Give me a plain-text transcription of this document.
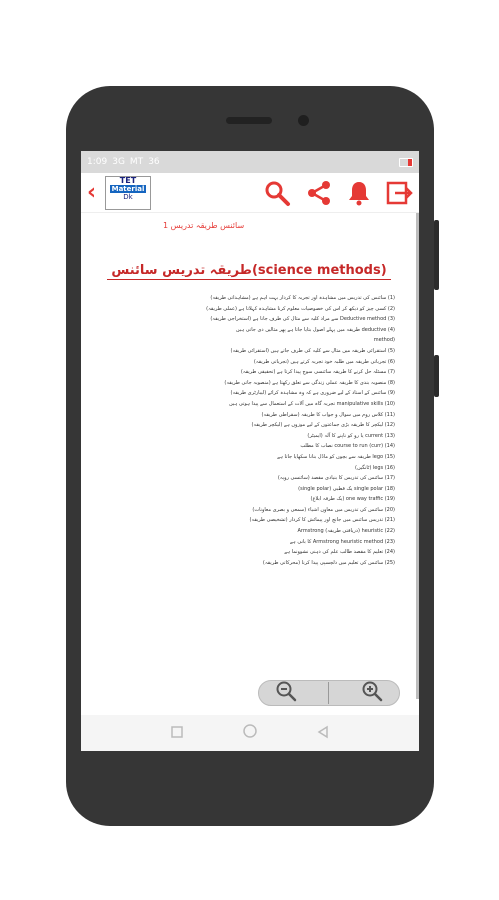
1:09 3G MT 36
‹	TET
Material
Dk
سائنس طریقہ تدریس 1
طریقہ تدریس سائنس(science methods)
(1) سائنس کی تدریس میں مشاہدہ اور تجربہ کا کردار بہت اہم ہے (مشاہداتی طریقہ)
(2) کسی چیز کو دیکھ کر اس کی خصوصیات معلوم کرنا مشاہدہ کہلاتا ہے (عملی طریقہ)
(3) Deductive method سے مراد کلیہ سے مثال کی طرف جانا ہے (استخراجی طریقہ)
(4) deductive طریقہ میں پہلے اصول بتایا جاتا ہے پھر مثالیں دی جاتی ہیں
(method
(5) استقرائی طریقہ میں مثال سے کلیہ کی طرف جاتے ہیں (استقرائی طریقہ)
(6) تجرباتی طریقہ میں طلبہ خود تجربہ کرتے ہیں (تجرباتی طریقہ)
(7) مسئلہ حل کرنے کا طریقہ سائنسی سوچ پیدا کرتا ہے (تحقیقی طریقہ)
(8) منصوبہ بندی کا طریقہ عملی زندگی سے تعلق رکھتا ہے (منصوبہ جاتی طریقہ)
(9) سائنس کے استاد کے لیے ضروری ہے کہ وہ مشاہدہ کرائے (لیبارٹری طریقہ)
(10) manipulative skills تجربہ گاہ میں آلات کے استعمال سے پیدا ہوتی ہیں
(11) کلاس روم میں سوال و جواب کا طریقہ (سقراطی طریقہ)
(12) لیکچر کا طریقہ بڑی جماعتوں کے لیے موزوں ہے (لیکچر طریقہ)
(13) current یا رو کو ناپنے کا آلہ (ایمیٹر)
(14) course to run (curr) نصاب کا مطلب
(15) lego طریقہ سے بچوں کو ماڈل بنانا سکھایا جاتا ہے
(16) legs (ٹانگیں)
(17) سائنس کی تدریس کا بنیادی مقصد (سائنسی رویہ)
(18) single polar یک قطبی (single polar)
(19) one way traffic (یک طرفہ ابلاغ)
(20) سائنس کی تدریس میں معاون اشیاء (سمعی و بصری معاونات)
(21) تدریس سائنس میں جانچ اور پیمائش کا کردار (تشخیصی طریقہ)
(22) heuristic (دریافتی طریقہ) Armstrong
(23) Armstrong heuristic method کا بانی ہے
(24) تعلیم کا مقصد طالب علم کی ذہنی نشوونما ہے
(25) سائنس کی تعلیم میں دلچسپی پیدا کرنا (محرکاتی طریقہ)
